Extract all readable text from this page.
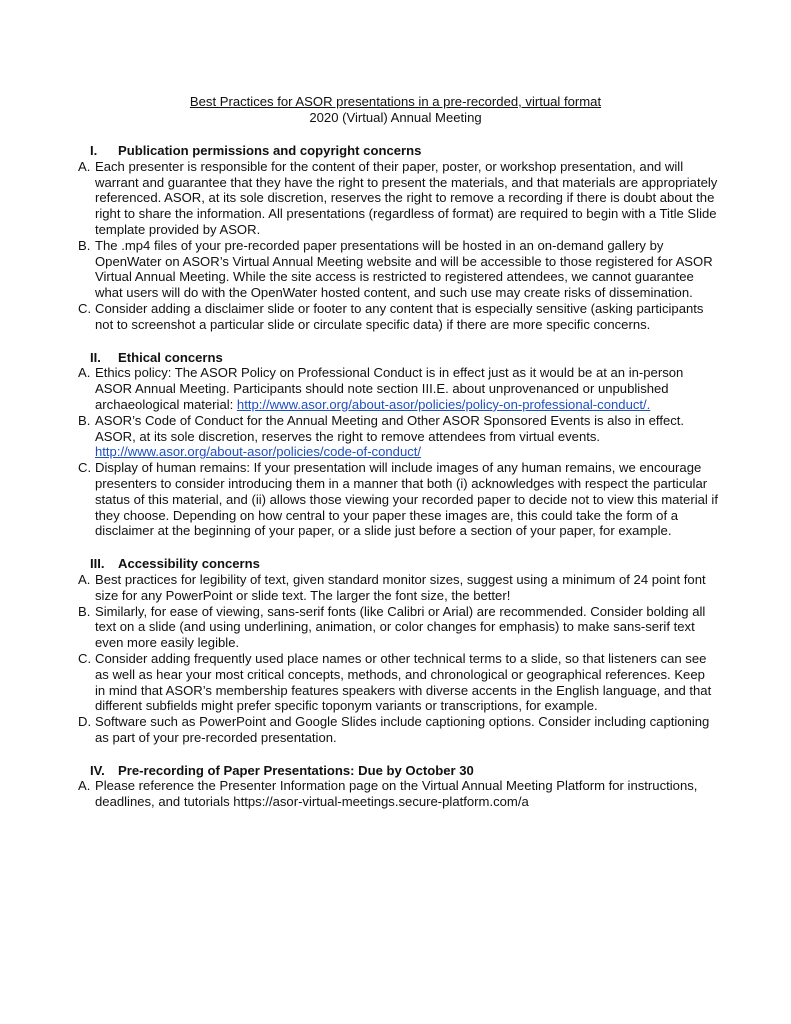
Best Practices for ASOR presentations in a pre-recorded, virtual format
2020 (Virtual) Annual Meeting
I.	Publication permissions and copyright concerns
A. Each presenter is responsible for the content of their paper, poster, or workshop presentation, and will warrant and guarantee that they have the right to present the materials, and that materials are appropriately referenced. ASOR, at its sole discretion, reserves the right to remove a recording if there is doubt about the right to share the information. All presentations (regardless of format) are required to begin with a Title Slide template provided by ASOR.
B. The .mp4 files of your pre-recorded paper presentations will be hosted in an on-demand gallery by OpenWater on ASOR’s Virtual Annual Meeting website and will be accessible to those registered for ASOR Virtual Annual Meeting. While the site access is restricted to registered attendees, we cannot guarantee what users will do with the OpenWater hosted content, and such use may create risks of dissemination.
C. Consider adding a disclaimer slide or footer to any content that is especially sensitive (asking participants not to screenshot a particular slide or circulate specific data) if there are more specific concerns.
II.	Ethical concerns
A. Ethics policy: The ASOR Policy on Professional Conduct is in effect just as it would be at an in-person ASOR Annual Meeting. Participants should note section III.E. about unprovenanced or unpublished archaeological material: http://www.asor.org/about-asor/policies/policy-on-professional-conduct/.
B. ASOR’s Code of Conduct for the Annual Meeting and Other ASOR Sponsored Events is also in effect. ASOR, at its sole discretion, reserves the right to remove attendees from virtual events. http://www.asor.org/about-asor/policies/code-of-conduct/
C. Display of human remains: If your presentation will include images of any human remains, we encourage presenters to consider introducing them in a manner that both (i) acknowledges with respect the particular status of this material, and (ii) allows those viewing your recorded paper to decide not to view this material if they choose. Depending on how central to your paper these images are, this could take the form of a disclaimer at the beginning of your paper, or a slide just before a section of your paper, for example.
III.	Accessibility concerns
A. Best practices for legibility of text, given standard monitor sizes, suggest using a minimum of 24 point font size for any PowerPoint or slide text. The larger the font size, the better!
B. Similarly, for ease of viewing, sans-serif fonts (like Calibri or Arial) are recommended. Consider bolding all text on a slide (and using underlining, animation, or color changes for emphasis) to make sans-serif text even more easily legible.
C. Consider adding frequently used place names or other technical terms to a slide, so that listeners can see as well as hear your most critical concepts, methods, and chronological or geographical references. Keep in mind that ASOR’s membership features speakers with diverse accents in the English language, and that different subfields might prefer specific toponym variants or transcriptions, for example.
D. Software such as PowerPoint and Google Slides include captioning options. Consider including captioning as part of your pre-recorded presentation.
IV.	Pre-recording of Paper Presentations: Due by October 30
A. Please reference the Presenter Information page on the Virtual Annual Meeting Platform for instructions, deadlines, and tutorials https://asor-virtual-meetings.secure-platform.com/a
